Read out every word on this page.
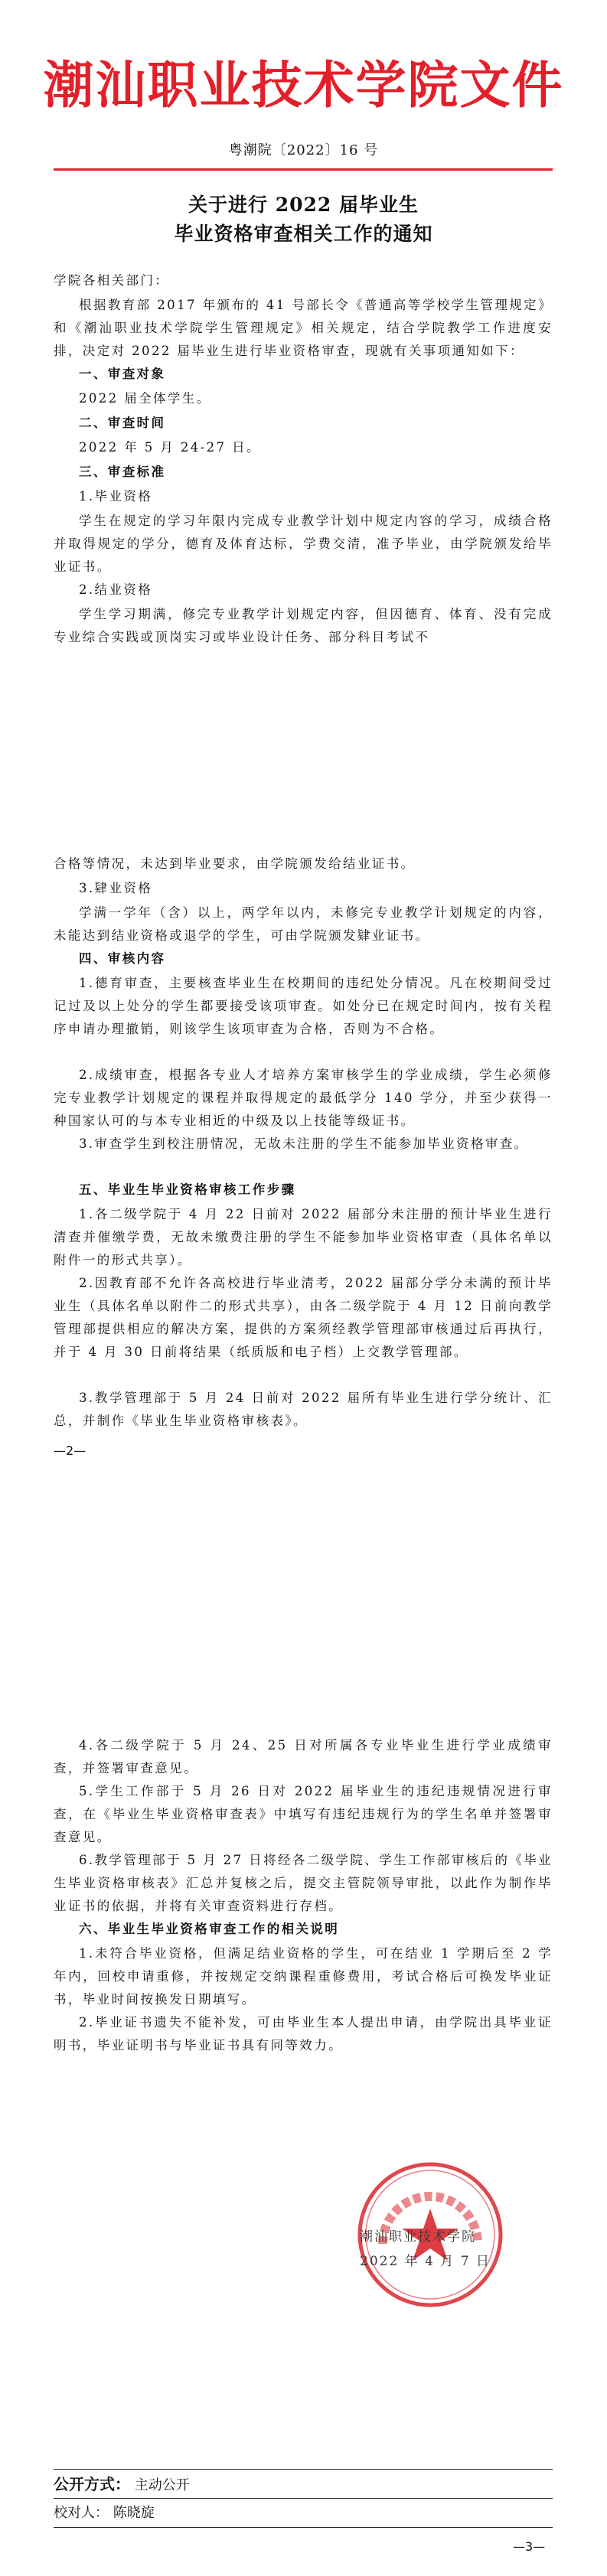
潮汕职业技术学院文件
粤潮院〔2022〕16 号
关于进行 2022 届毕业生
毕业资格审查相关工作的通知
学院各相关部门：
根据教育部 2017 年颁布的 41 号部长令《普通高等学校学生管理规定》和《潮汕职业技术学院学生管理规定》相关规定，结合学院教学工作进度安排，决定对 2022 届毕业生进行毕业资格审查，现就有关事项通知如下：
一、审查对象
2022 届全体学生。
二、审查时间
2022 年 5 月 24-27 日。
三、审查标准
1.毕业资格
学生在规定的学习年限内完成专业教学计划中规定内容的学习，成绩合格并取得规定的学分，德育及体育达标，学费交清，准予毕业，由学院颁发给毕业证书。
2.结业资格
学生学习期满，修完专业教学计划规定内容，但因德育、体育、没有完成专业综合实践或顶岗实习或毕业设计任务、部分科目考试不
合格等情况，未达到毕业要求，由学院颁发给结业证书。
3.肄业资格
学满一学年（含）以上，两学年以内，未修完专业教学计划规定的内容，未能达到结业资格或退学的学生，可由学院颁发肄业证书。
四、审核内容
1.德育审查，主要核查毕业生在校期间的违纪处分情况。凡在校期间受过记过及以上处分的学生都要接受该项审查。如处分已在规定时间内，按有关程序申请办理撤销，则该学生该项审查为合格，否则为不合格。
2.成绩审查，根据各专业人才培养方案审核学生的学业成绩，学生必须修完专业教学计划规定的课程并取得规定的最低学分 140 学分，并至少获得一种国家认可的与本专业相近的中级及以上技能等级证书。
3.审查学生到校注册情况，无故未注册的学生不能参加毕业资格审查。
五、毕业生毕业资格审核工作步骤
1.各二级学院于 4 月 22 日前对 2022 届部分未注册的预计毕业生进行清查并催缴学费，无故未缴费注册的学生不能参加毕业资格审查（具体名单以附件一的形式共享）。
2.因教育部不允许各高校进行毕业清考，2022 届部分学分未满的预计毕业生（具体名单以附件二的形式共享），由各二级学院于 4 月 12 日前向教学管理部提供相应的解决方案，提供的方案须经教学管理部审核通过后再执行，并于 4 月 30 日前将结果（纸质版和电子档）上交教学管理部。
3.教学管理部于 5 月 24 日前对 2022 届所有毕业生进行学分统计、汇总，并制作《毕业生毕业资格审核表》。
—2—
4.各二级学院于 5 月 24、25 日对所属各专业毕业生进行学业成绩审查，并签署审查意见。
5.学生工作部于 5 月 26 日对 2022 届毕业生的违纪违规情况进行审查，在《毕业生毕业资格审查表》中填写有违纪违规行为的学生名单并签署审查意见。
6.教学管理部于 5 月 27 日将经各二级学院、学生工作部审核后的《毕业生毕业资格审核表》汇总并复核之后，提交主管院领导审批，以此作为制作毕业证书的依据，并将有关审查资料进行存档。
六、毕业生毕业资格审查工作的相关说明
1.未符合毕业资格，但满足结业资格的学生，可在结业 1 学期后至 2 学年内，回校申请重修，并按规定交纳课程重修费用，考试合格后可换发毕业证书，毕业时间按换发日期填写。
2.毕业证书遗失不能补发，可由毕业生本人提出申请，由学院出具毕业证明书，毕业证明书与毕业证书具有同等效力。
潮汕职业技术学院
2022 年 4 月 7 日
公开方式： 主动公开
校对人： 陈晓旋
—3—
